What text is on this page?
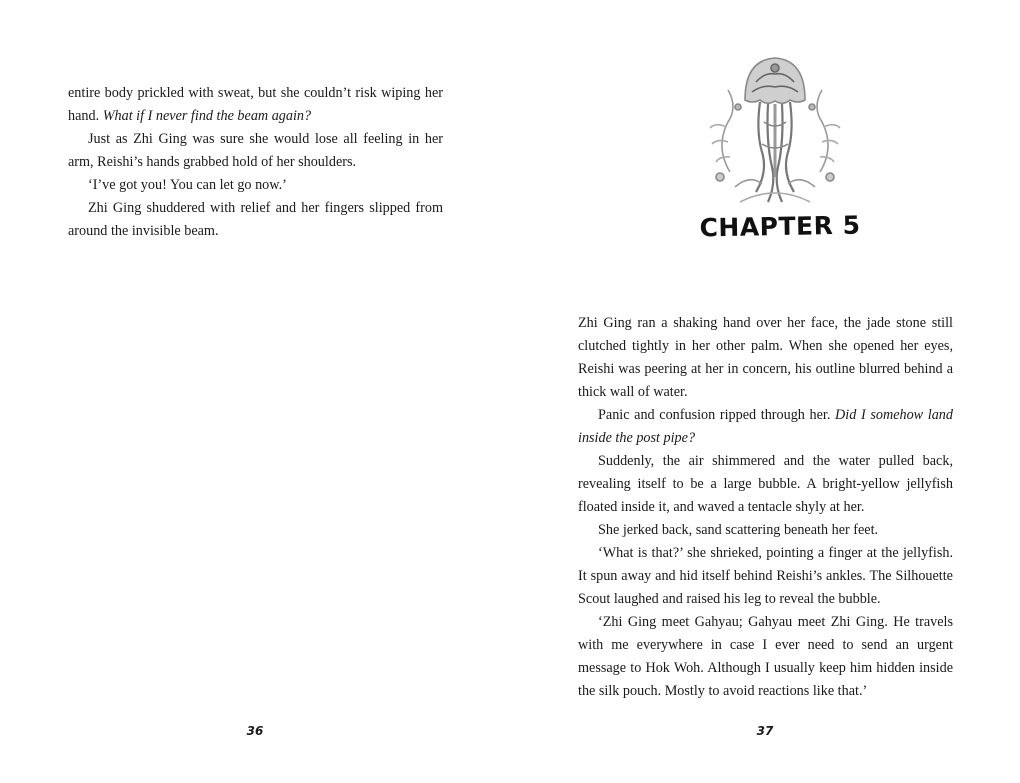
entire body prickled with sweat, but she couldn’t risk wiping her hand. What if I never find the beam again?

Just as Zhi Ging was sure she would lose all feeling in her arm, Reishi’s hands grabbed hold of her shoulders.

‘I’ve got you! You can let go now.’

Zhi Ging shuddered with relief and her fingers slipped from around the invisible beam.

36
CHAPTER 5

Zhi Ging ran a shaking hand over her face, the jade stone still clutched tightly in her other palm. When she opened her eyes, Reishi was peering at her in concern, his outline blurred behind a thick wall of water.

Panic and confusion ripped through her. Did I somehow land inside the post pipe?

Suddenly, the air shimmered and the water pulled back, revealing itself to be a large bubble. A bright-yellow jellyfish floated inside it, and waved a tentacle shyly at her.

She jerked back, sand scattering beneath her feet.

‘What is that?’ she shrieked, pointing a finger at the jellyfish. It spun away and hid itself behind Reishi’s ankles. The Silhouette Scout laughed and raised his leg to reveal the bubble.

‘Zhi Ging meet Gahyau; Gahyau meet Zhi Ging. He travels with me everywhere in case I ever need to send an urgent message to Hok Woh. Although I usually keep him hidden inside the silk pouch. Mostly to avoid reactions like that.’

37
